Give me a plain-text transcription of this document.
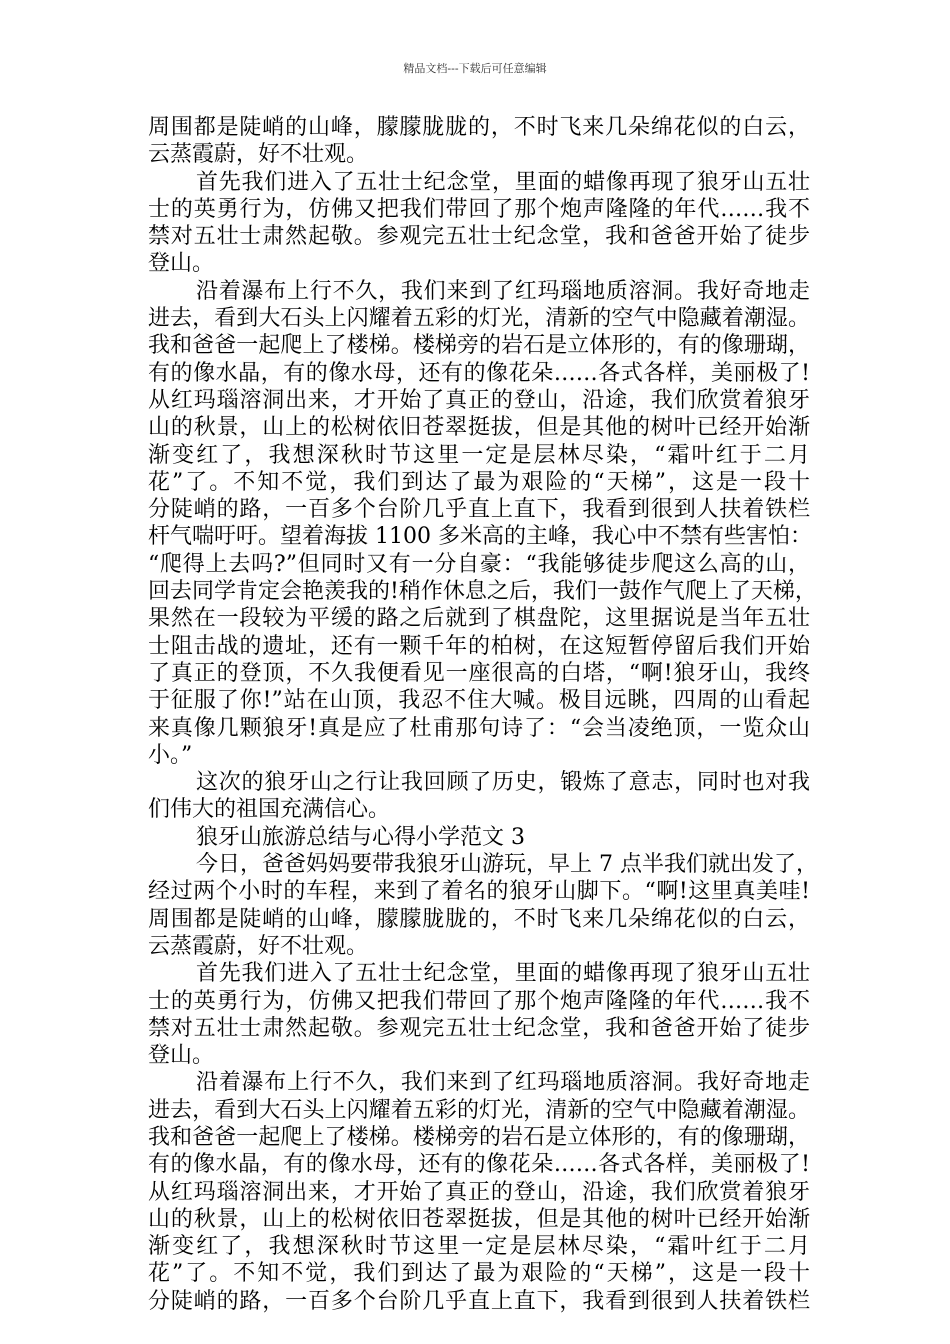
精品文档---下载后可任意编辑
周围都是陡峭的山峰，朦朦胧胧的，不时飞来几朵绵花似的白云，
云蒸霞蔚，好不壮观。
首先我们进入了五壮士纪念堂，里面的蜡像再现了狼牙山五壮
士的英勇行为，仿佛又把我们带回了那个炮声隆隆的年代……我不
禁对五壮士肃然起敬。参观完五壮士纪念堂，我和爸爸开始了徒步
登山。
沿着瀑布上行不久，我们来到了红玛瑙地质溶洞。我好奇地走
进去，看到大石头上闪耀着五彩的灯光，清新的空气中隐藏着潮湿。
我和爸爸一起爬上了楼梯。楼梯旁的岩石是立体形的，有的像珊瑚，
有的像水晶，有的像水母，还有的像花朵……各式各样，美丽极了!
从红玛瑙溶洞出来，才开始了真正的登山，沿途，我们欣赏着狼牙
山的秋景，山上的松树依旧苍翠挺拔，但是其他的树叶已经开始渐
渐变红了，我想深秋时节这里一定是层林尽染，“霜叶红于二月
花”了。不知不觉，我们到达了最为艰险的“天梯”，这是一段十
分陡峭的路，一百多个台阶几乎直上直下，我看到很到人扶着铁栏
杆气喘吁吁。望着海拔 1100 多米高的主峰，我心中不禁有些害怕：
“爬得上去吗?”但同时又有一分自豪：“我能够徒步爬这么高的山，
回去同学肯定会艳羡我的!稍作休息之后，我们一鼓作气爬上了天梯，
果然在一段较为平缓的路之后就到了棋盘陀，这里据说是当年五壮
士阻击战的遗址，还有一颗千年的柏树，在这短暂停留后我们开始
了真正的登顶，不久我便看见一座很高的白塔，“啊!狼牙山，我终
于征服了你!”站在山顶，我忍不住大喊。极目远眺，四周的山看起
来真像几颗狼牙!真是应了杜甫那句诗了：“会当凌绝顶，一览众山
小。”
这次的狼牙山之行让我回顾了历史，锻炼了意志，同时也对我
们伟大的祖国充满信心。
狼牙山旅游总结与心得小学范文 3
今日，爸爸妈妈要带我狼牙山游玩，早上 7 点半我们就出发了，
经过两个小时的车程，来到了着名的狼牙山脚下。“啊!这里真美哇!
周围都是陡峭的山峰，朦朦胧胧的，不时飞来几朵绵花似的白云，
云蒸霞蔚，好不壮观。
首先我们进入了五壮士纪念堂，里面的蜡像再现了狼牙山五壮
士的英勇行为，仿佛又把我们带回了那个炮声隆隆的年代……我不
禁对五壮士肃然起敬。参观完五壮士纪念堂，我和爸爸开始了徒步
登山。
沿着瀑布上行不久，我们来到了红玛瑙地质溶洞。我好奇地走
进去，看到大石头上闪耀着五彩的灯光，清新的空气中隐藏着潮湿。
我和爸爸一起爬上了楼梯。楼梯旁的岩石是立体形的，有的像珊瑚，
有的像水晶，有的像水母，还有的像花朵……各式各样，美丽极了!
从红玛瑙溶洞出来，才开始了真正的登山，沿途，我们欣赏着狼牙
山的秋景，山上的松树依旧苍翠挺拔，但是其他的树叶已经开始渐
渐变红了，我想深秋时节这里一定是层林尽染，“霜叶红于二月
花”了。不知不觉，我们到达了最为艰险的“天梯”，这是一段十
分陡峭的路，一百多个台阶几乎直上直下，我看到很到人扶着铁栏
